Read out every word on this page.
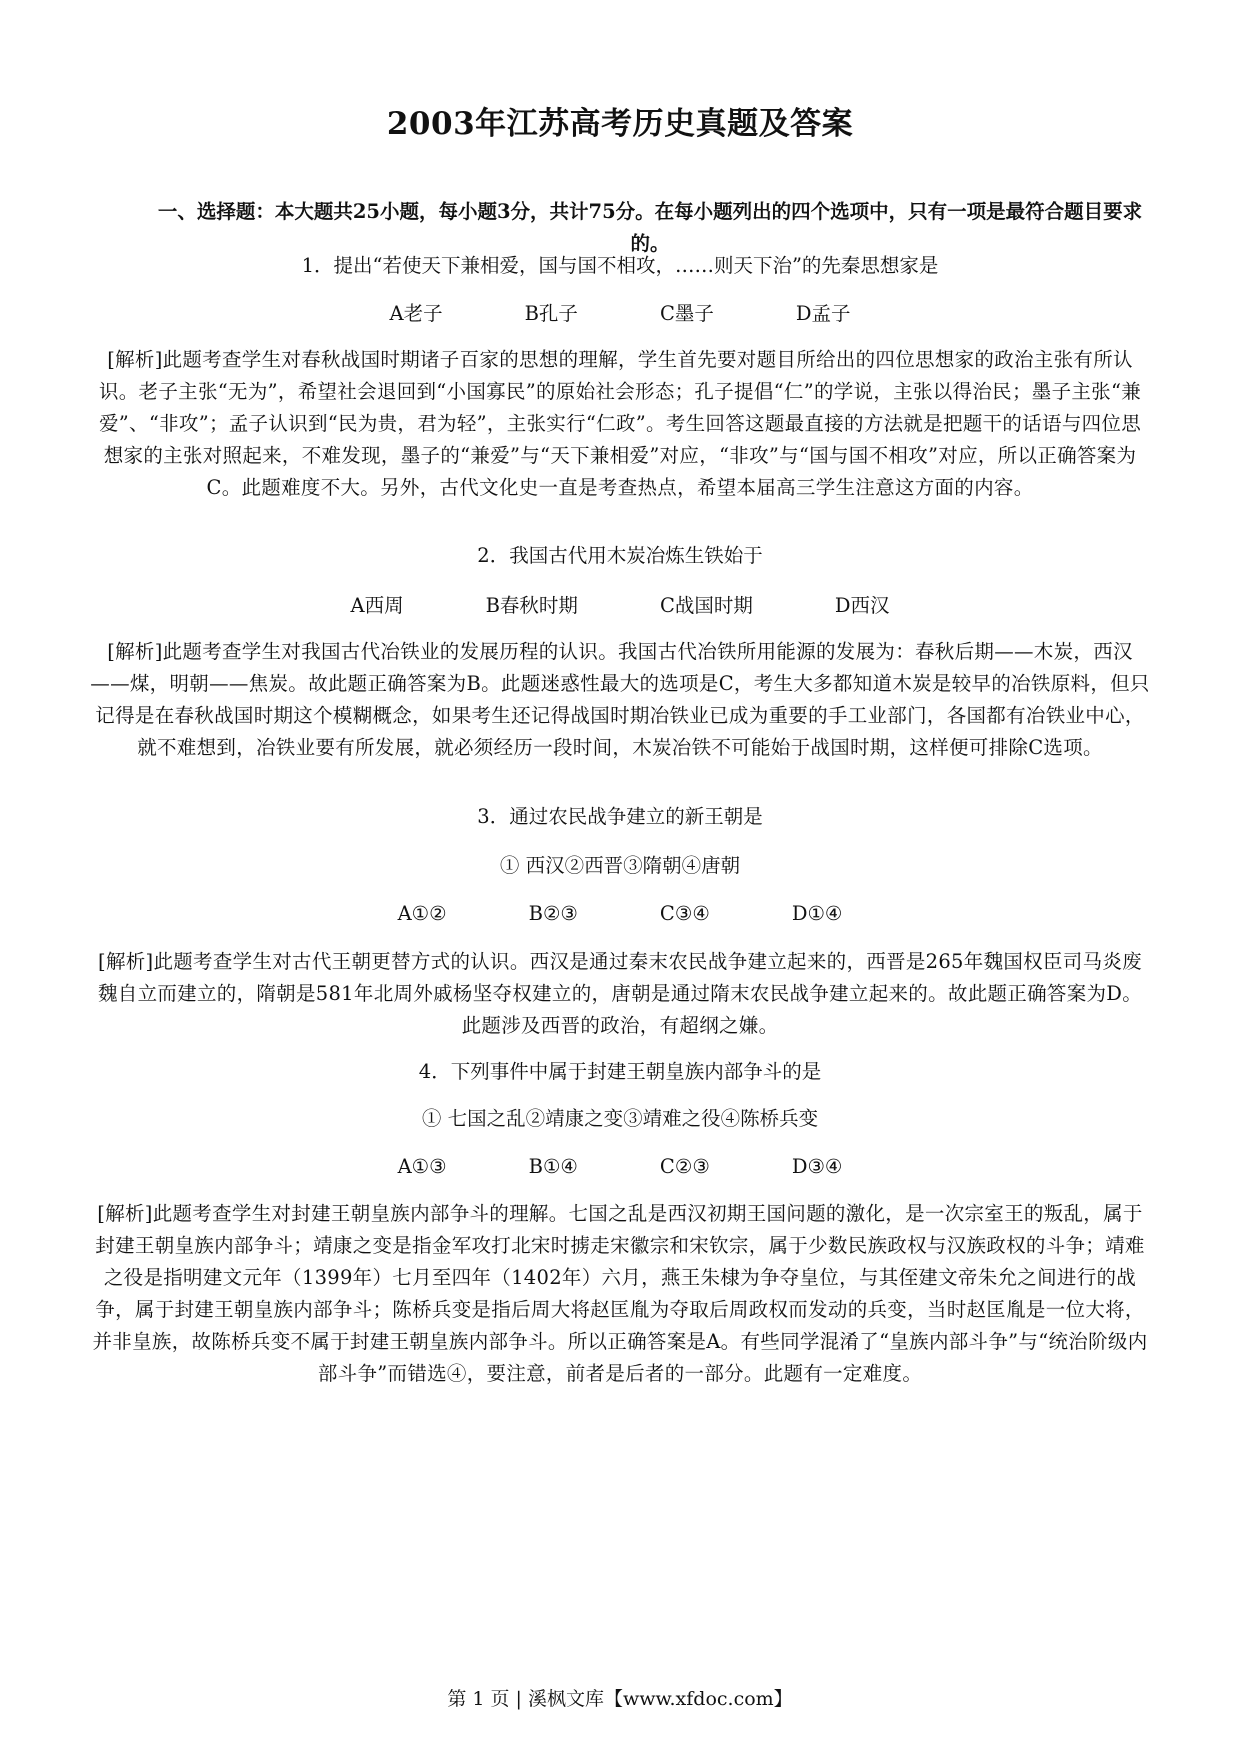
2003年江苏高考历史真题及答案
一、选择题：本大题共25小题，每小题3分，共计75分。在每小题列出的四个选项中，只有一项是最符合题目要求的。
1．提出“若使天下兼相爱，国与国不相攻，……则天下治”的先秦思想家是
A老子	B孔子	C墨子	D孟子
[解析]此题考查学生对春秋战国时期诸子百家的思想的理解，学生首先要对题目所给出的四位思想家的政治主张有所认识。老子主张“无为”，希望社会退回到“小国寡民”的原始社会形态；孔子提倡“仁”的学说，主张以得治民；墨子主张“兼爱”、“非攻”；孟子认识到“民为贵，君为轻”，主张实行“仁政”。考生回答这题最直接的方法就是把题干的话语与四位思想家的主张对照起来，不难发现，墨子的“兼爱”与“天下兼相爱”对应，“非攻”与“国与国不相攻”对应，所以正确答案为C。此题难度不大。另外，古代文化史一直是考查热点，希望本届高三学生注意这方面的内容。
2．我国古代用木炭冶炼生铁始于
A西周	B春秋时期	C战国时期	D西汉
[解析]此题考查学生对我国古代冶铁业的发展历程的认识。我国古代冶铁所用能源的发展为：春秋后期——木炭，西汉——煤，明朝——焦炭。故此题正确答案为B。此题迷惑性最大的选项是C，考生大多都知道木炭是较早的冶铁原料，但只记得是在春秋战国时期这个模糊概念，如果考生还记得战国时期冶铁业已成为重要的手工业部门，各国都有冶铁业中心，就不难想到，冶铁业要有所发展，就必须经历一段时间，木炭冶铁不可能始于战国时期，这样便可排除C选项。
3．通过农民战争建立的新王朝是
① 西汉②西晋③隋朝④唐朝
A①②	B②③	C③④	D①④
[解析]此题考查学生对古代王朝更替方式的认识。西汉是通过秦末农民战争建立起来的，西晋是265年魏国权臣司马炎废魏自立而建立的，隋朝是581年北周外戚杨坚夺权建立的，唐朝是通过隋末农民战争建立起来的。故此题正确答案为D。此题涉及西晋的政治，有超纲之嫌。
4．下列事件中属于封建王朝皇族内部争斗的是
① 七国之乱②靖康之变③靖难之役④陈桥兵变
A①③	B①④	C②③	D③④
[解析]此题考查学生对封建王朝皇族内部争斗的理解。七国之乱是西汉初期王国问题的激化，是一次宗室王的叛乱，属于封建王朝皇族内部争斗；靖康之变是指金军攻打北宋时掳走宋徽宗和宋钦宗，属于少数民族政权与汉族政权的斗争；靖难之役是指明建文元年（1399年）七月至四年（1402年）六月，燕王朱棣为争夺皇位，与其侄建文帝朱允之间进行的战争，属于封建王朝皇族内部争斗；陈桥兵变是指后周大将赵匡胤为夺取后周政权而发动的兵变，当时赵匡胤是一位大将，并非皇族，故陈桥兵变不属于封建王朝皇族内部争斗。所以正确答案是A。有些同学混淆了“皇族内部斗争”与“统治阶级内部斗争”而错选④，要注意，前者是后者的一部分。此题有一定难度。
第 1 页 | 溪枫文库【www.xfdoc.com】
